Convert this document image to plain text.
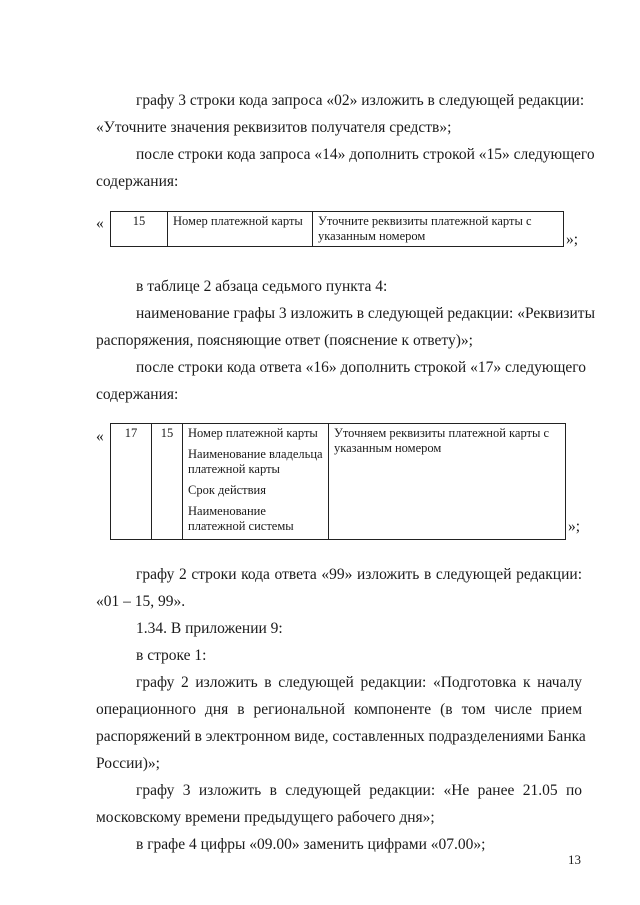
графу 3 строки кода запроса «02» изложить в следующей редакции:
«Уточните значения реквизитов получателя средств»;
после строки кода запроса «14» дополнить строкой «15» следующего
содержания:
« 15	Номер платежной карты	Уточните реквизиты платежной карты с указанным номером	»;
в таблице 2 абзаца седьмого пункта 4:
наименование графы 3 изложить в следующей редакции: «Реквизиты
распоряжения, поясняющие ответ (пояснение к ответу)»;
после строки кода ответа «16» дополнить строкой «17» следующего
содержания:
« 17	15	Номер платежной карты
Наименование владельца платежной карты
Срок действия
Наименование платежной системы
	Уточняем реквизиты платежной карты с указанным номером
»;
графу 2 строки кода ответа «99» изложить в следующей редакции:
«01 – 15, 99».
1.34. В приложении 9:
в строке 1:
графу 2 изложить в следующей редакции: «Подготовка к началу
операционного дня в региональной компоненте (в том числе прием
распоряжений в электронном виде, составленных подразделениями Банка
России)»;
графу 3 изложить в следующей редакции: «Не ранее 21.05 по
московскому времени предыдущего рабочего дня»;
в графе 4 цифры «09.00» заменить цифрами «07.00»;
13
